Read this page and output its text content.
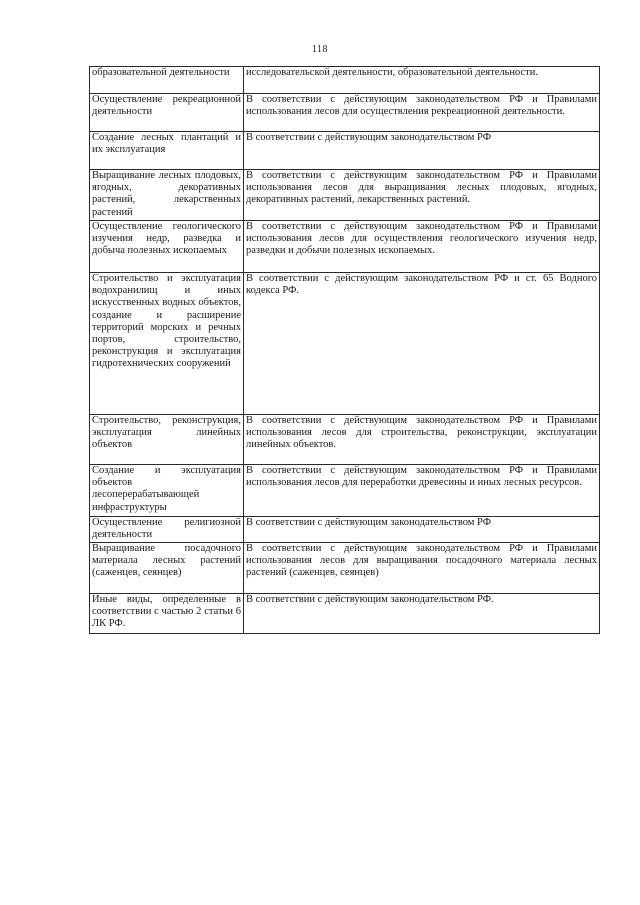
118
образовательной деятельности	исследовательской деятельности, образовательной деятельности.
Осуществление рекреационной деятельности	В соответствии с действующим законодательством РФ и Правилами использования лесов для осуществления рекреационной деятельности.
Создание лесных плантаций и их эксплуатация	В соответствии с действующим законодательством РФ
Выращивание лесных плодовых, ягодных, декоративных растений, лекарственных растений	В соответствии с действующим законодательством РФ и Правилами использования лесов для выращивания лесных плодовых, ягодных, декоративных растений, лекарственных растений.
Осуществление геологического изучения недр, разведка и добыча полезных ископаемых	В соответствии с действующим законодательством РФ и Правилами использования лесов для осуществления геологического изучения недр, разведки и добычи полезных ископаемых.
Строительство и эксплуатация водохранилищ и иных искусственных водных объектов, создание и расширение территорий морских и речных портов, строительство, реконструкция и эксплуатация гидротехнических сооружений	В соответствии с действующим законодательством РФ и ст. 65 Водного кодекса РФ.
Строительство, реконструкция, эксплуатация линейных объектов	В соответствии с действующим законодательством РФ и Правилами использования лесов для строительства, реконструкции, эксплуатации линейных объектов.
Создание и эксплуатация объектов лесоперерабатывающей инфраструктуры	В соответствии с действующим законодательством РФ и Правилами использования лесов для переработки древесины и иных лесных ресурсов.
Осуществление религиозной деятельности	В соответствии с действующим законодательством РФ
Выращивание посадочного материала лесных растений (саженцев, сеянцев)	В соответствии с действующим законодательством РФ и Правилами использования лесов для выращивания посадочного материала лесных растений (саженцев, сеянцев)
Иные виды, определенные в соответствии с частью 2 статьи 6 ЛК РФ.	В соответствии с действующим законодательством РФ.
